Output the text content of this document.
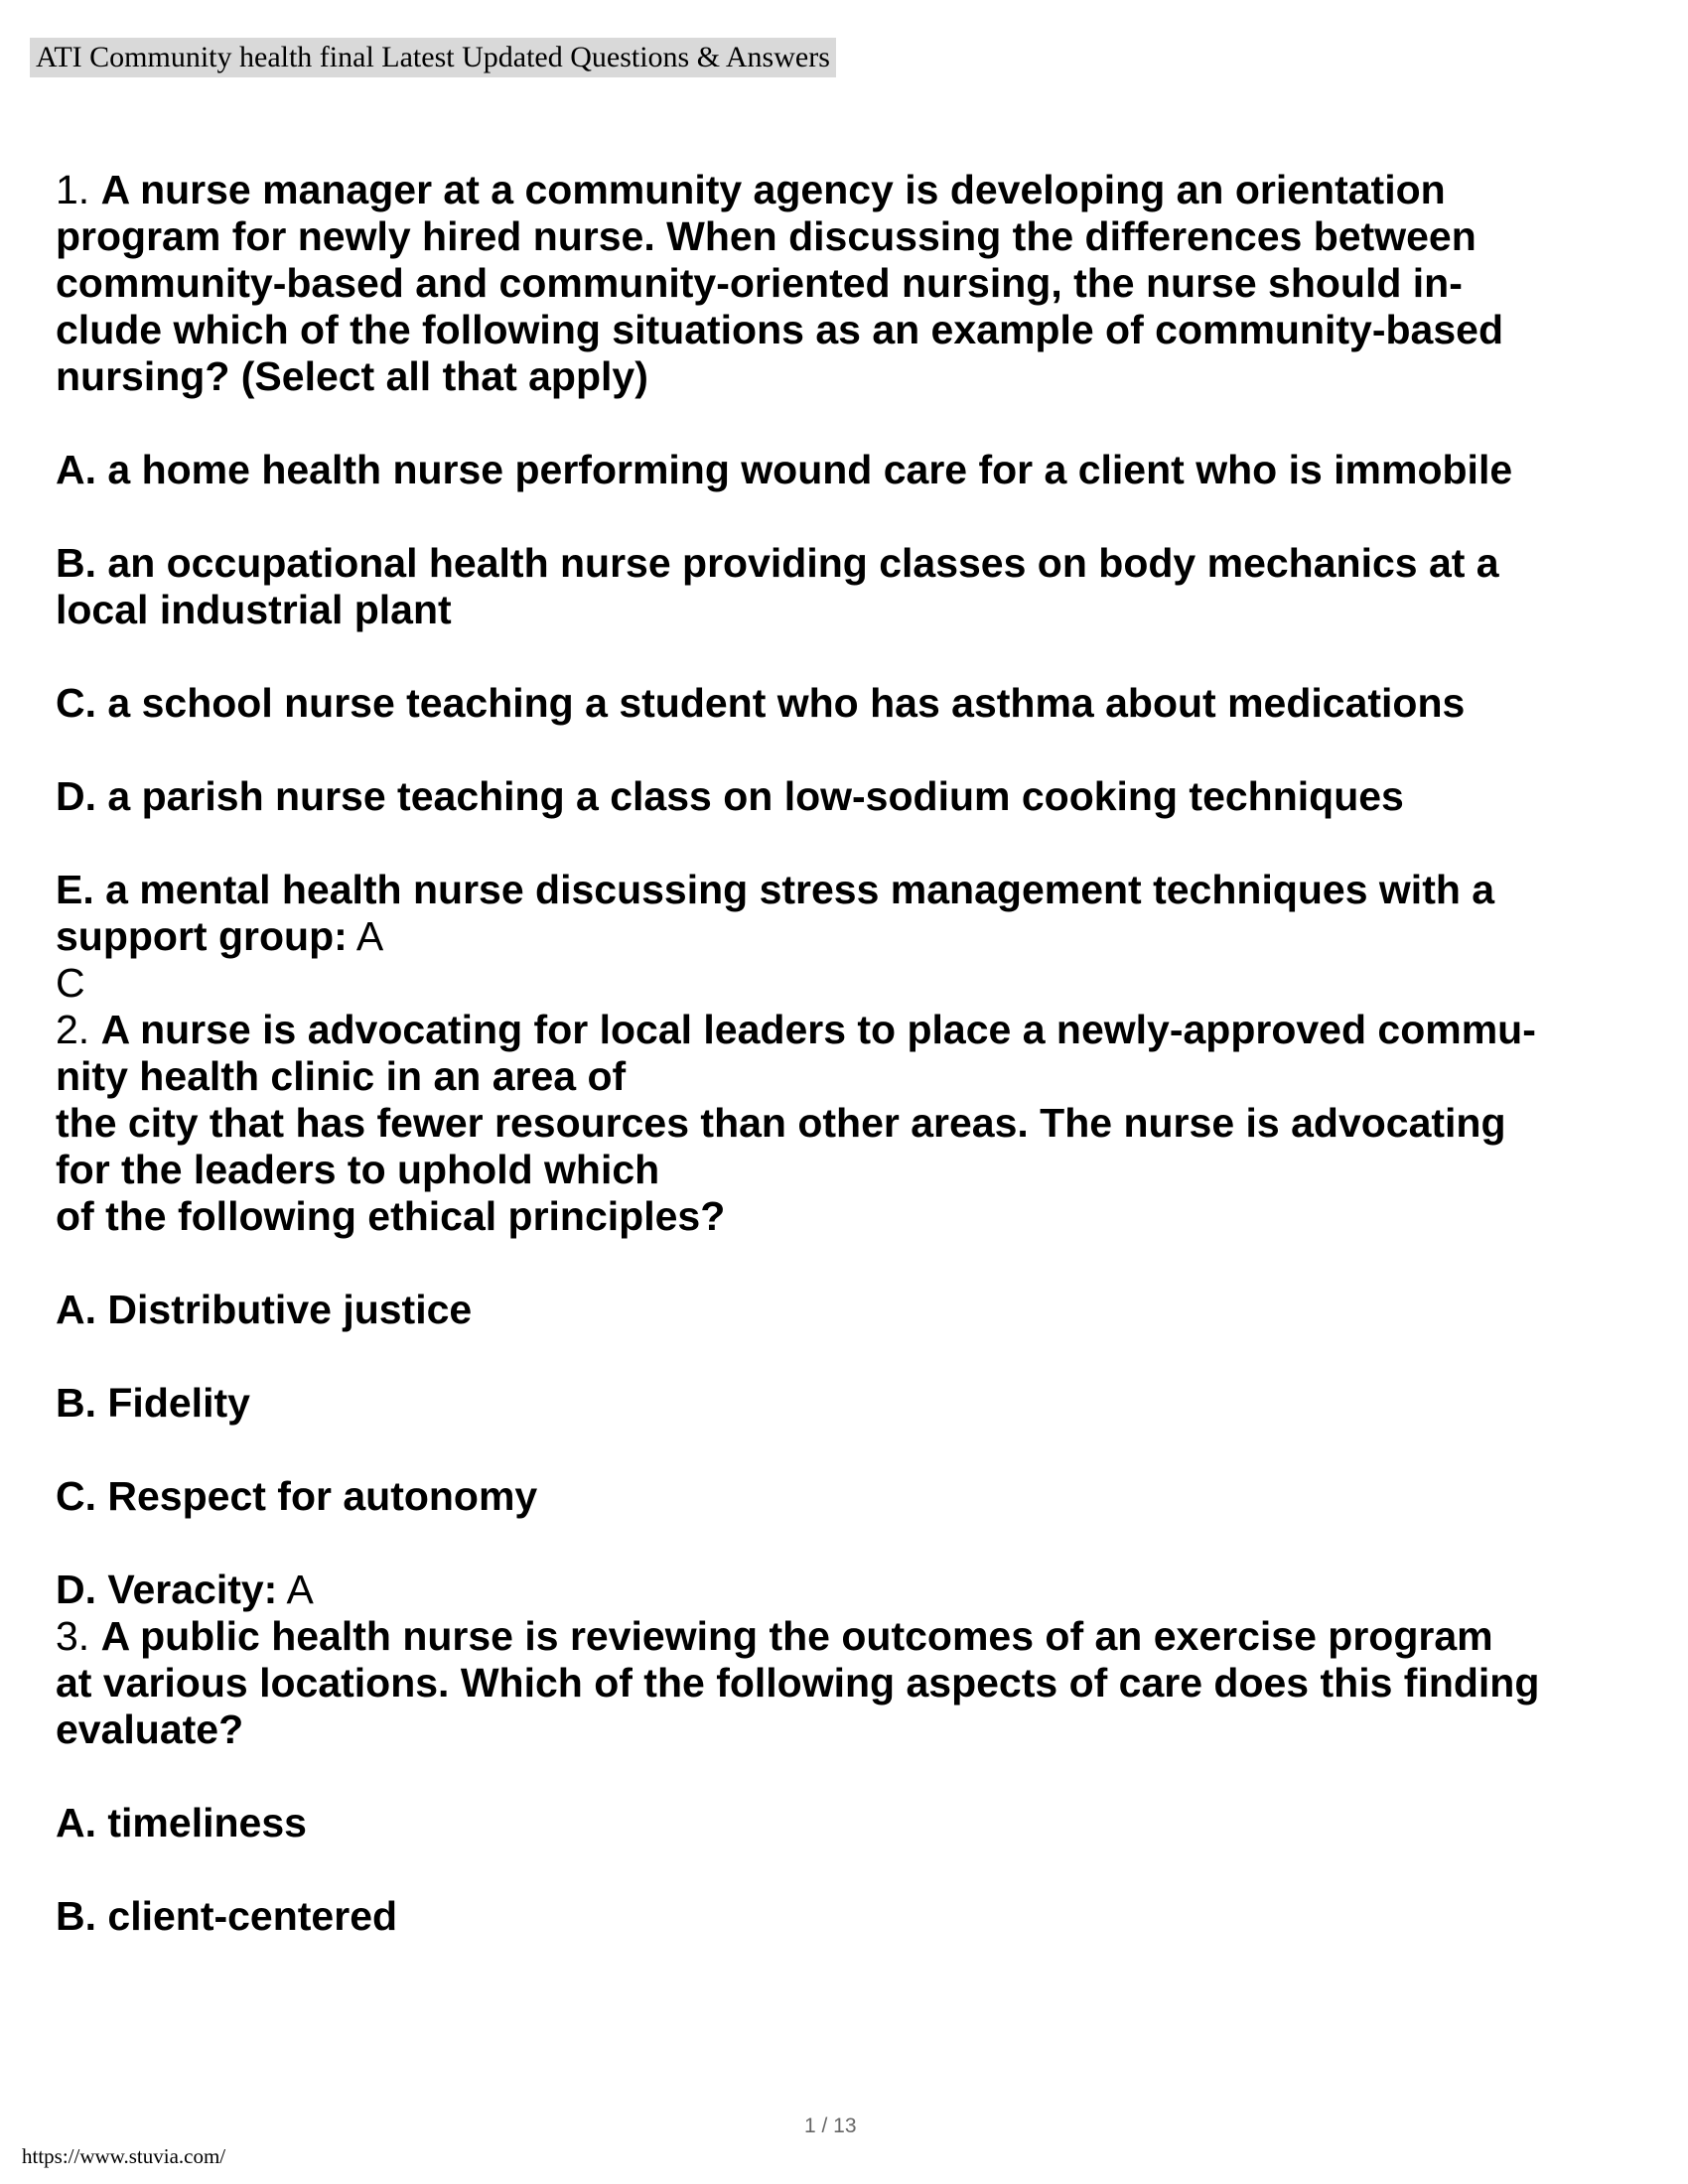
ATI Community health final Latest Updated Questions & Answers
1. A nurse manager at a community agency is developing an orientation
program for newly hired nurse. When discussing the differences between
community-based and community-oriented nursing, the nurse should in-
clude which of the following situations as an example of community-based
nursing? (Select all that apply)
A. a home health nurse performing wound care for a client who is immobile
B. an occupational health nurse providing classes on body mechanics at a
local industrial plant
C. a school nurse teaching a student who has asthma about medications
D. a parish nurse teaching a class on low-sodium cooking techniques
E. a mental health nurse discussing stress management techniques with a
support group: A
C
2. A nurse is advocating for local leaders to place a newly-approved commu-
nity health clinic in an area of
the city that has fewer resources than other areas. The nurse is advocating
for the leaders to uphold which
of the following ethical principles?
A. Distributive justice
B. Fidelity
C. Respect for autonomy
D. Veracity: A
3. A public health nurse is reviewing the outcomes of an exercise program
at various locations. Which of the following aspects of care does this finding
evaluate?
A. timeliness
B. client-centered
1 / 13
https://www.stuvia.com/
